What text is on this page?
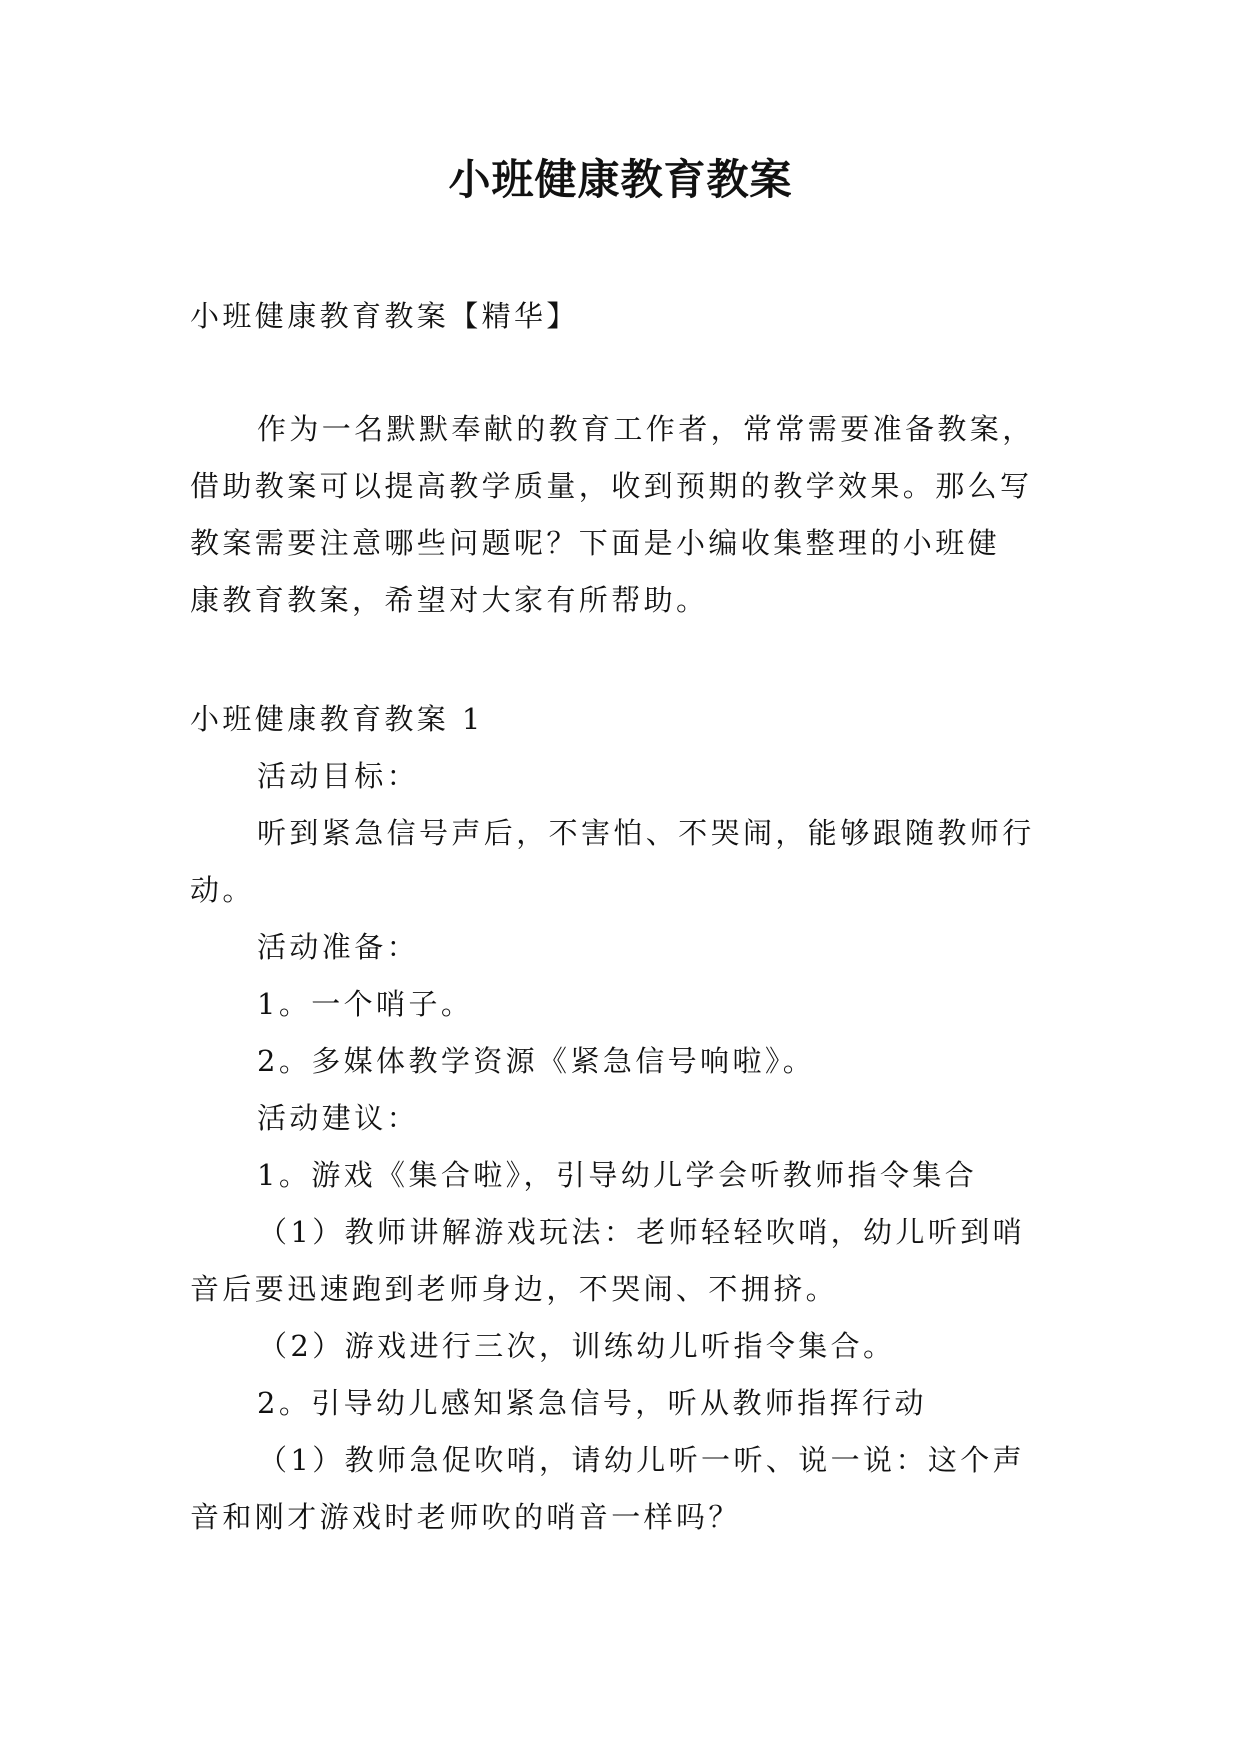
小班健康教育教案
小班健康教育教案【精华】
作为一名默默奉献的教育工作者，常常需要准备教案，
借助教案可以提高教学质量，收到预期的教学效果。那么写
教案需要注意哪些问题呢？下面是小编收集整理的小班健
康教育教案，希望对大家有所帮助。
小班健康教育教案 1
活动目标：
听到紧急信号声后，不害怕、不哭闹，能够跟随教师行
动。
活动准备：
1。一个哨子。
2。多媒体教学资源《紧急信号响啦》。
活动建议：
1。游戏《集合啦》，引导幼儿学会听教师指令集合
（1）教师讲解游戏玩法：老师轻轻吹哨，幼儿听到哨
音后要迅速跑到老师身边，不哭闹、不拥挤。
（2）游戏进行三次，训练幼儿听指令集合。
2。引导幼儿感知紧急信号，听从教师指挥行动
（1）教师急促吹哨，请幼儿听一听、说一说：这个声
音和刚才游戏时老师吹的哨音一样吗？
